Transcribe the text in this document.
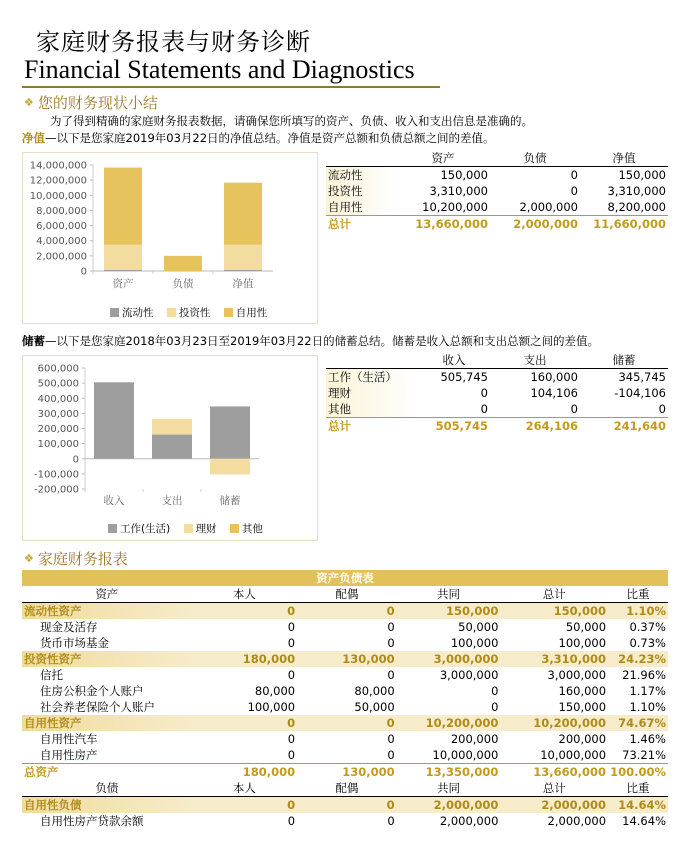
家庭财务报表与财务诊断
Financial Statements and Diagnostics
❖ 您的财务现状小结
为了得到精确的家庭财务报表数据，请确保您所填写的资产、负债、收入和支出信息是准确的。
净值—以下是您家庭2019年03月22日的净值总结。净值是资产总额和负债总额之间的差值。
14,000,000
12,000,000
10,000,000
8,000,000
6,000,000
4,000,000
2,000,000
0
资产	负债	净值
流动性 投资性 自用性
	资产	负债	净值
流动性	150,000	0	150,000
投资性	3,310,000	0	3,310,000
自用性	10,200,000	2,000,000	8,200,000
总计	13,660,000	2,000,000	11,660,000
储蓄—以下是您家庭2018年03月23日至2019年03月22日的储蓄总结。储蓄是收入总额和支出总额之间的差值。
600,000
500,000
400,000
300,000
200,000
100,000
0
-100,000
-200,000
收入	支出	储蓄
工作(生活) 理财 其他
	收入	支出	储蓄
工作（生活）	505,745	160,000	345,745
理财	0	104,106	-104,106
其他	0	0	0
总计	505,745	264,106	241,640
❖ 家庭财务报表
资产负债表					
资产	本人	配偶	共同	总计	比重
流动性资产	0	0	150,000	150,000	1.10%
现金及活存	0	0	50,000	50,000	0.37%
货币市场基金	0	0	100,000	100,000	0.73%
投资性资产	180,000	130,000	3,000,000	3,310,000	24.23%
信托	0	0	3,000,000	3,000,000	21.96%
住房公积金个人账户	80,000	80,000	0	160,000	1.17%
社会养老保险个人账户	100,000	50,000	0	150,000	1.10%
自用性资产	0	0	10,200,000	10,200,000	74.67%
自用性汽车	0	0	200,000	200,000	1.46%
自用性房产	0	0	10,000,000	10,000,000	73.21%
总资产	180,000	130,000	13,350,000	13,660,000	100.00%
负债	本人	配偶	共同	总计	比重
自用性负债	0	0	2,000,000	2,000,000	14.64%
自用性房产贷款余额	0	0	2,000,000	2,000,000	14.64%
